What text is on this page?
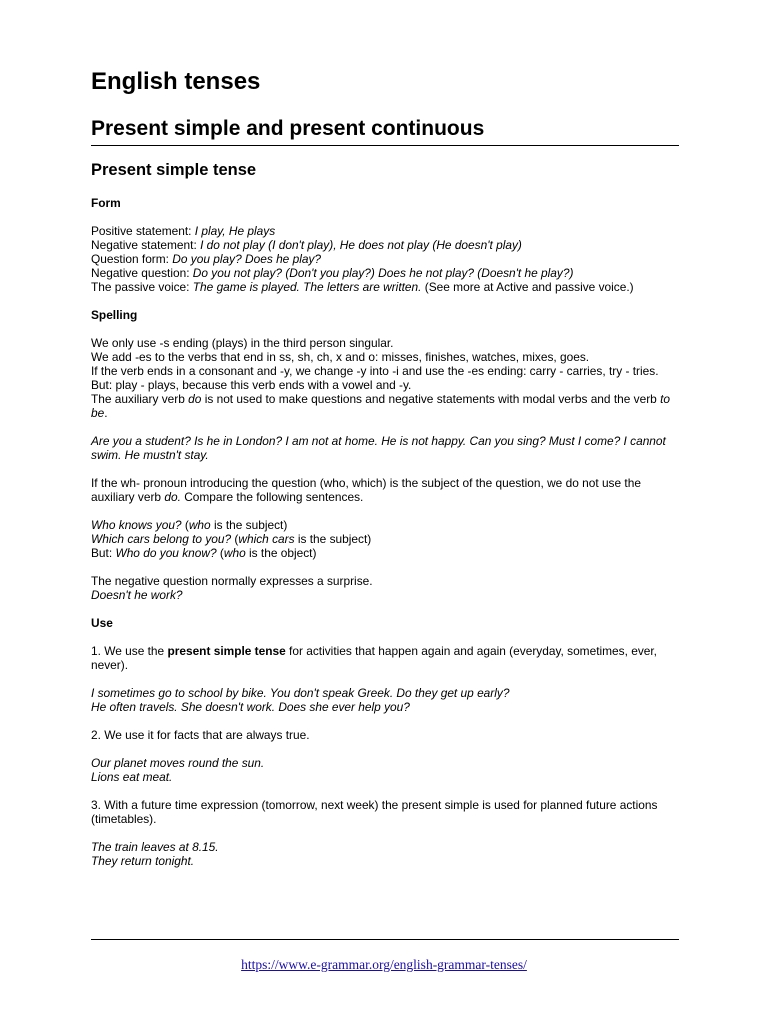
English tenses
Present simple and present continuous
Present simple tense

Form

Positive statement: I play, He plays
Negative statement: I do not play (I don't play), He does not play (He doesn't play)
Question form: Do you play? Does he play?
Negative question: Do you not play? (Don't you play?) Does he not play? (Doesn't he play?)
The passive voice: The game is played. The letters are written. (See more at Active and passive voice.)

Spelling

We only use -s ending (plays) in the third person singular.
We add -es to the verbs that end in ss, sh, ch, x and o: misses, finishes, watches, mixes, goes.
If the verb ends in a consonant and -y, we change -y into -i and use the -es ending: carry - carries, try - tries.
But: play - plays, because this verb ends with a vowel and -y.
The auxiliary verb do is not used to make questions and negative statements with modal verbs and the verb to be.

Are you a student? Is he in London? I am not at home. He is not happy. Can you sing? Must I come? I cannot swim. He mustn't stay.

If the wh- pronoun introducing the question (who, which) is the subject of the question, we do not use the auxiliary verb do. Compare the following sentences.

Who knows you? (who is the subject)
Which cars belong to you? (which cars is the subject)
But: Who do you know? (who is the object)

The negative question normally expresses a surprise.
Doesn't he work?

Use

1. We use the present simple tense for activities that happen again and again (everyday, sometimes, ever, never).

I sometimes go to school by bike. You don't speak Greek. Do they get up early?
He often travels. She doesn't work. Does she ever help you?

2. We use it for facts that are always true.

Our planet moves round the sun.
Lions eat meat.

3. With a future time expression (tomorrow, next week) the present simple is used for planned future actions (timetables).

The train leaves at 8.15.
They return tonight.

https://www.e-grammar.org/english-grammar-tenses/
